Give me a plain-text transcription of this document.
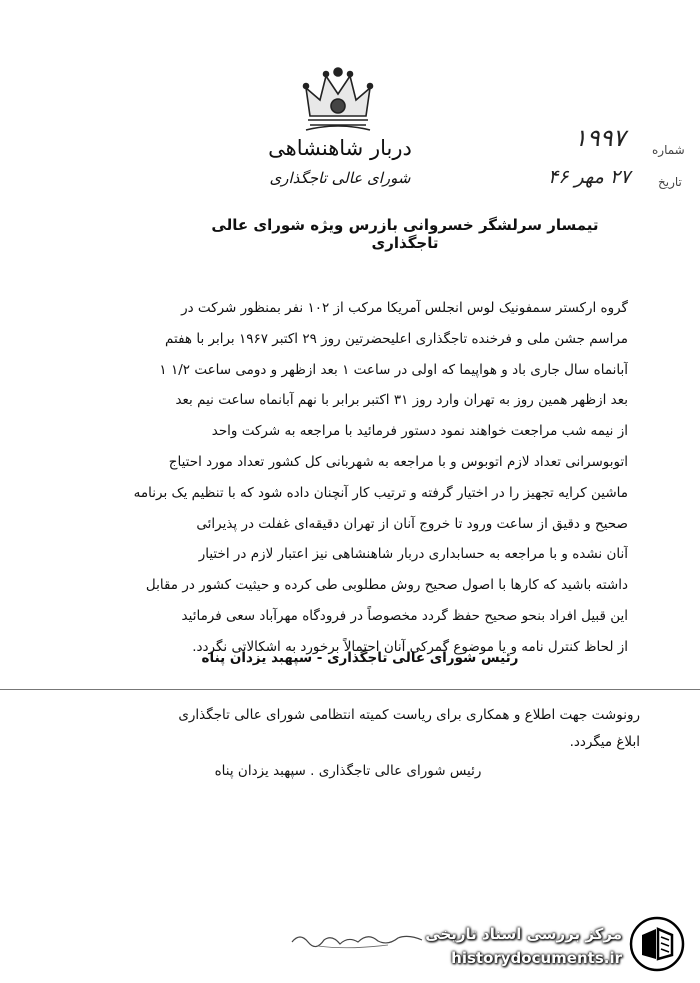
دربار شاهنشاهی
شورای عالی تاجگذاری
شماره
۱۹۹۷
تاریخ
۲۷ مهر ۴۶
تیمسار سرلشگر خسروانی بازرس ویژه شورای عالی تاجگذاری
گروه ارکستر سمفونیک لوس انجلس آمریکا مرکب از ۱۰۲ نفر بمنظور شرکت در
مراسم جشن ملی و فرخنده تاجگذاری اعلیحضرتین روز ۲۹ اکتبر ۱۹۶۷ برابر با هفتم
آبانماه سال جاری باد و هواپیما که اولی در ساعت ۱ بعد ازظهر و دومی ساعت ۱/۲ ۱
بعد ازظهر همین روز به تهران وارد روز ۳۱ اکتبر برابر با نهم آبانماه ساعت نیم بعد
از نیمه شب مراجعت خواهند نمود دستور فرمائید با مراجعه به شرکت واحد
اتوبوسرانی تعداد لازم اتوبوس و با مراجعه به شهربانی کل کشور تعداد مورد احتیاج
ماشین کرایه تجهیز را در اختیار گرفته و ترتیب کار آنچنان داده شود که با تنظیم یک برنامه
صحیح و دقیق از ساعت ورود تا خروج آنان از تهران دقیقه‌ای غفلت در پذیرائی
آنان نشده و با مراجعه به حسابداری دربار شاهنشاهی نیز اعتبار لازم در اختیار
داشته باشید که کارها با اصول صحیح روش مطلوبی طی کرده و حیثیت کشور در مقابل
این قبیل افراد بنحو صحیح حفظ گردد مخصوصاً در فرودگاه مهرآباد سعی فرمائید
از لحاظ کنترل نامه و یا موضوع گمرکی آنان احتمالاً برخورد به اشکالاتی نگردد.
رئیس شورای عالی تاجگذاری - سپهبد یزدان پناه
رونوشت جهت اطلاع و همکاری برای ریاست کمیته انتظامی شورای عالی تاجگذاری
ابلاغ میگردد.
رئیس شورای عالی تاجگذاری . سپهبد یزدان پناه
مرکز بررسی اسناد تاریخی
historydocuments.ir
